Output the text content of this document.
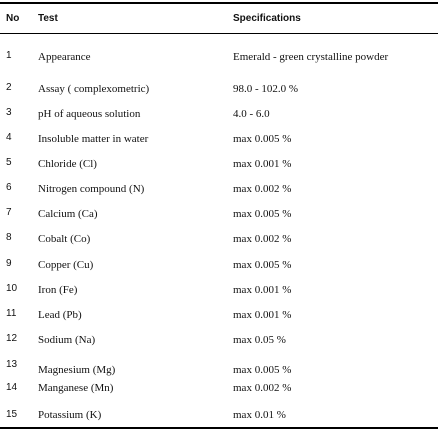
No Test	Specifications
1 Appearance	Emerald - green crystalline powder
2 Assay ( complexometric)	98.0 - 102.0 %
3 pH of aqueous solution	4.0 - 6.0
4 Insoluble matter in water	max 0.005 %
5 Chloride (Cl)	max 0.001 %
6 Nitrogen compound (N)	max 0.002 %
7 Calcium (Ca)	max 0.005 %
8 Cobalt (Co)	max 0.002 %
9 Copper (Cu)	max 0.005 %
10 Iron (Fe)	max 0.001 %
11 Lead (Pb)	max 0.001 %
12 Sodium (Na)	max 0.05 %
13 Magnesium (Mg)	max 0.005 %
14 Manganese (Mn)	max 0.002 %
15 Potassium (K)	max 0.01 %
